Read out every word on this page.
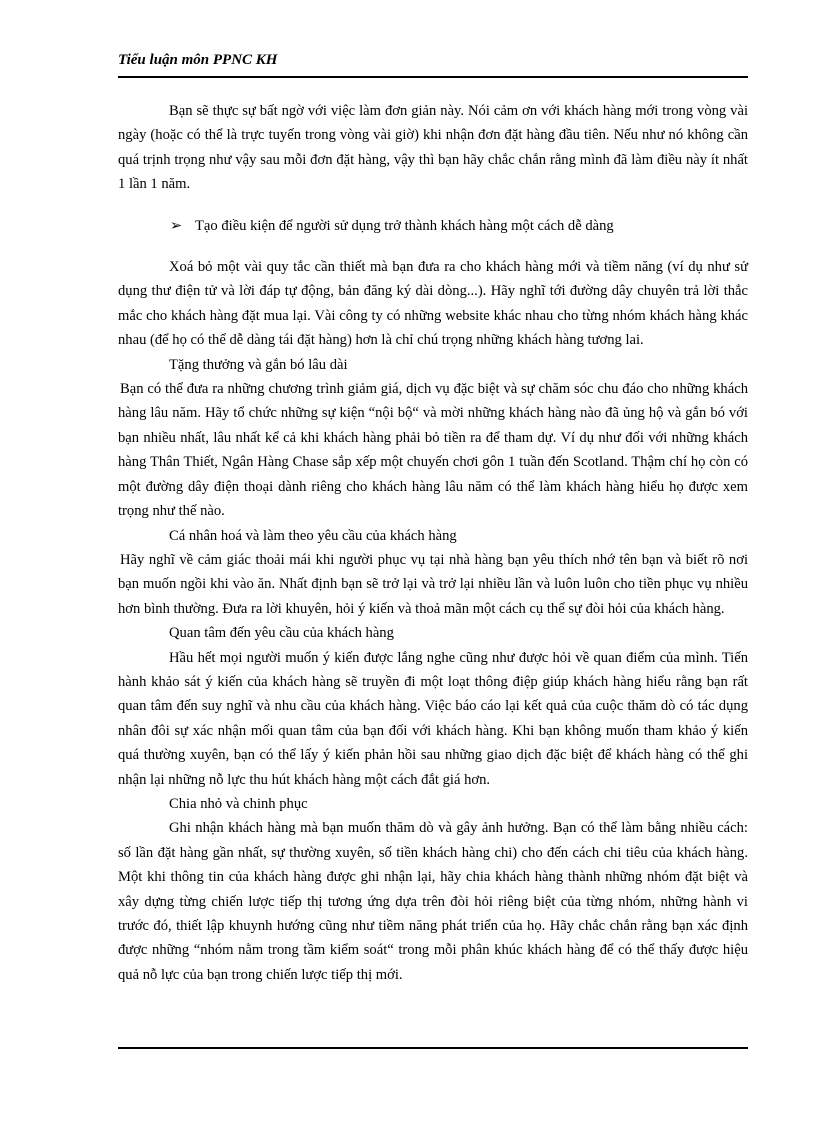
Tiểu luận môn PPNC KH

Bạn sẽ thực sự bất ngờ với việc làm đơn giản này. Nói cảm ơn với khách hàng mới trong vòng vài ngày (hoặc có thể là trực tuyến trong vòng vài giờ) khi nhận đơn đặt hàng đầu tiên. Nếu như nó không cần quá trịnh trọng như vậy sau mỗi đơn đặt hàng, vậy thì bạn hãy chắc chắn rằng mình đã làm điều này ít nhất 1 lần 1 năm.

➢ Tạo điều kiện để người sử dụng trở thành khách hàng một cách dễ dàng

Xoá bỏ một vài quy tắc cần thiết mà bạn đưa ra cho khách hàng mới và tiềm năng (ví dụ như sử dụng thư điện tử và lời đáp tự động, bản đăng ký dài dòng...). Hãy nghĩ tới đường dây chuyên trả lời thắc mắc cho khách hàng đặt mua lại. Vài công ty có những website khác nhau cho từng nhóm khách hàng khác nhau (để họ có thể dễ dàng tái đặt hàng) hơn là chỉ chú trọng những khách hàng tương lai.

Tặng thưởng và gắn bó lâu dài

Bạn có thể đưa ra những chương trình giảm giá, dịch vụ đặc biệt và sự chăm sóc chu đáo cho những khách hàng lâu năm. Hãy tổ chức những sự kiện “nội bộ“ và mời những khách hàng nào đã ủng hộ và gắn bó với bạn nhiều nhất, lâu nhất kể cả khi khách hàng phải bỏ tiền ra để tham dự. Ví dụ như đối với những khách hàng Thân Thiết, Ngân Hàng Chase sắp xếp một chuyến chơi gôn 1 tuần đến Scotland. Thậm chí họ còn có một đường dây điện thoại dành riêng cho khách hàng lâu năm có thể làm khách hàng hiểu họ được xem trọng như thế nào.

Cá nhân hoá và làm theo yêu cầu của khách hàng

Hãy nghĩ về cảm giác thoải mái khi người phục vụ tại nhà hàng bạn yêu thích nhớ tên bạn và biết rõ nơi bạn muốn ngồi khi vào ăn. Nhất định bạn sẽ trở lại và trở lại nhiều lần và luôn luôn cho tiền phục vụ nhiều hơn bình thường. Đưa ra lời khuyên, hỏi ý kiến và thoả mãn một cách cụ thể sự đòi hỏi của khách hàng.

Quan tâm đến yêu cầu của khách hàng

Hầu hết mọi người muốn ý kiến được lắng nghe cũng như được hỏi về quan điểm của mình. Tiến hành khảo sát ý kiến của khách hàng sẽ truyền đi một loạt thông điệp giúp khách hàng hiểu rằng bạn rất quan tâm đến suy nghĩ và nhu cầu của khách hàng. Việc báo cáo lại kết quả của cuộc thăm dò có tác dụng nhân đôi sự xác nhận mối quan tâm của bạn đối với khách hàng. Khi bạn không muốn tham khảo ý kiến quá thường xuyên, bạn có thể lấy ý kiến phản hồi sau những giao dịch đặc biệt để khách hàng có thể ghi nhận lại những nỗ lực thu hút khách hàng một cách đắt giá hơn.

Chia nhỏ và chinh phục

Ghi nhận khách hàng mà bạn muốn thăm dò và gây ảnh hưởng. Bạn có thể làm bằng nhiều cách: số lần đặt hàng gần nhất, sự thường xuyên, số tiền khách hàng chi) cho đến cách chi tiêu của khách hàng. Một khi thông tin của khách hàng được ghi nhận lại, hãy chia khách hàng thành những nhóm đặt biệt và xây dựng từng chiến lược tiếp thị tương ứng dựa trên đòi hỏi riêng biệt của từng nhóm, những hành vi trước đó, thiết lập khuynh hướng cũng như tiềm năng phát triển của họ. Hãy chắc chắn rằng bạn xác định được những “nhóm nằm trong tầm kiểm soát“ trong mỗi phân khúc khách hàng để có thể thấy được hiệu quả nỗ lực của bạn trong chiến lược tiếp thị mới.
